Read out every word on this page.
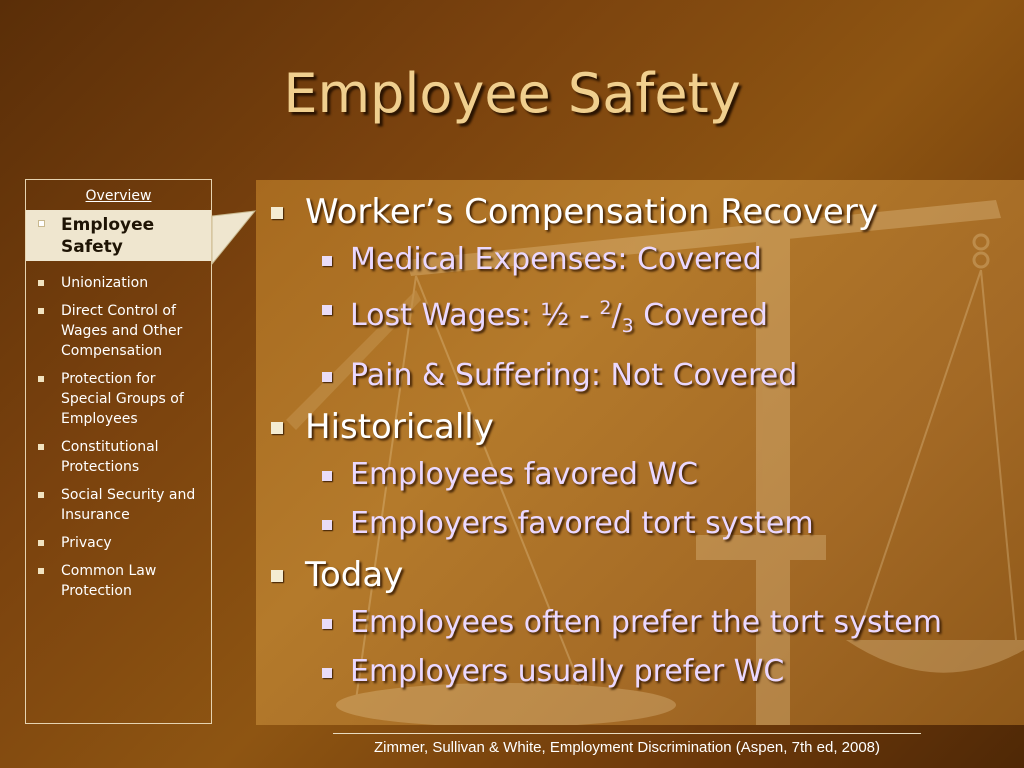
Employee Safety
Overview
Employee Safety
Unionization
Direct Control of Wages and Other Compensation
Protection for Special Groups of Employees
Constitutional Protections
Social Security and Insurance
Privacy
Common Law Protection
Worker’s Compensation Recovery
Medical Expenses: Covered
Lost Wages: ½ - $^2/_3$ Covered
Pain & Suffering: Not Covered
Historically
Employees favored WC
Employers favored tort system
Today
Employees often prefer the tort system
Employers usually prefer WC
Zimmer, Sullivan & White, Employment Discrimination (Aspen, 7th ed, 2008)
